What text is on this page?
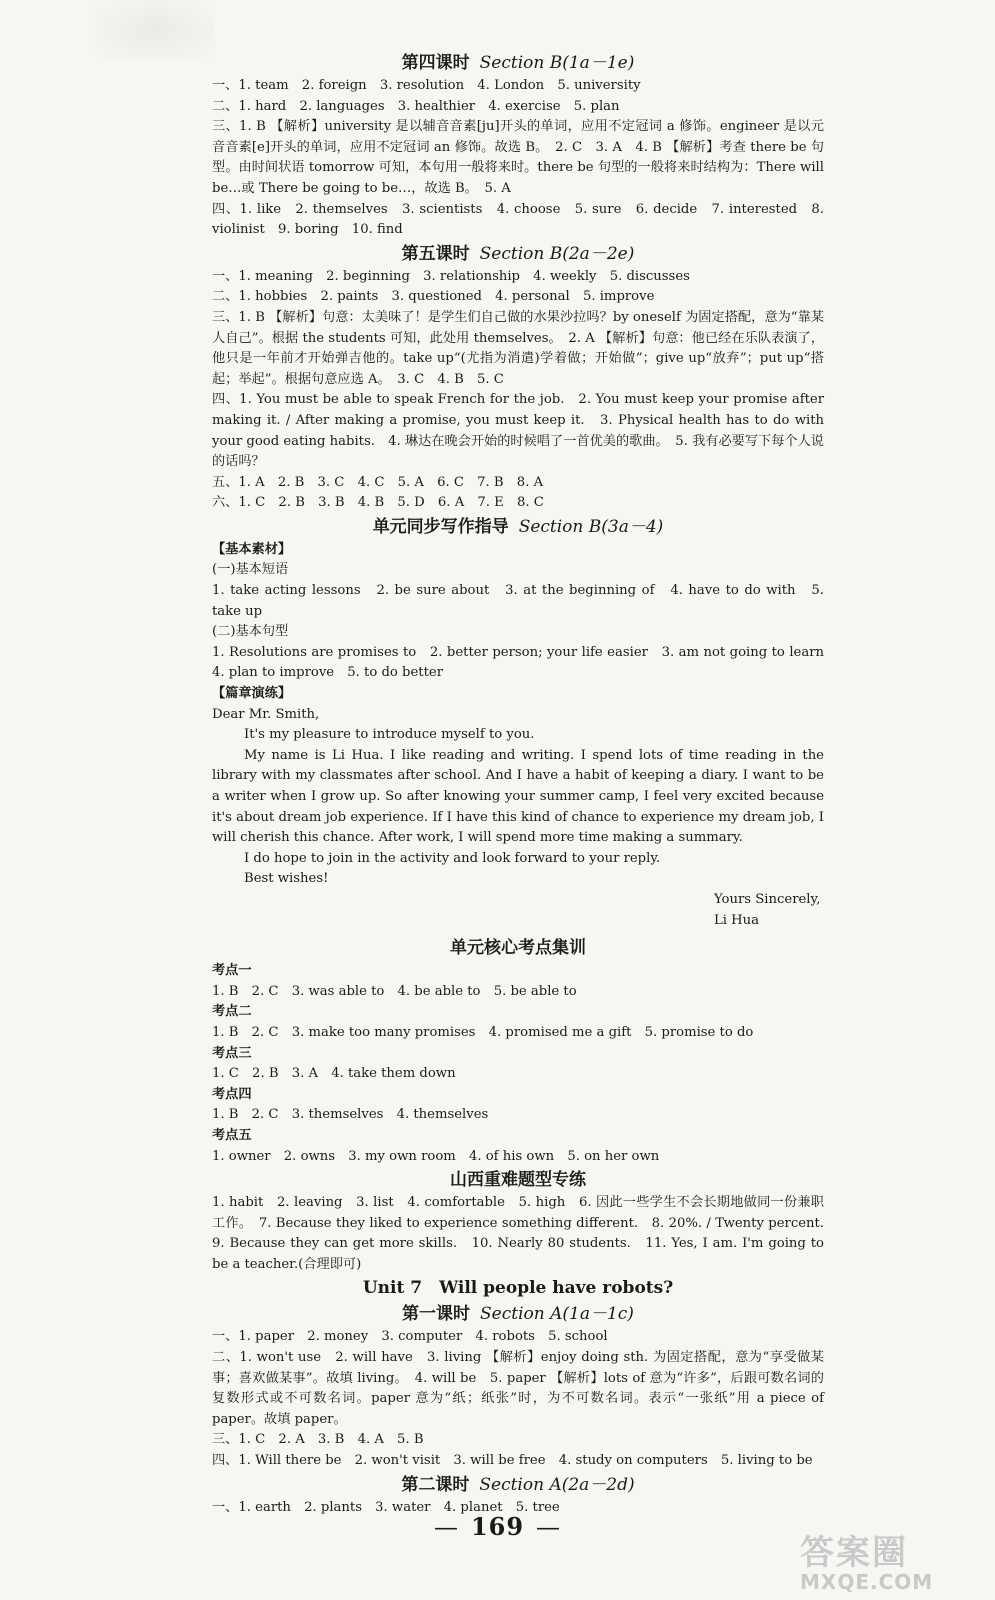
第四课时 Section B(1a－1e)

一、1. team　2. foreign　3. resolution　4. London　5. university

二、1. hard　2. languages　3. healthier　4. exercise　5. plan

三、1. B 【解析】university 是以辅音音素[ju]开头的单词，应用不定冠词 a 修饰。engineer 是以元音音素[e]开头的单词，应用不定冠词 an 修饰。故选 B。　2. C　3. A　4. B 【解析】考查 there be 句型。由时间状语 tomorrow 可知，本句用一般将来时。there be 句型的一般将来时结构为：There will be…或 There be going to be…，故选 B。　5. A

四、1. like　2. themselves　3. scientists　4. choose　5. sure　6. decide　7. interested　8. violinist　9. boring　10. find

第五课时 Section B(2a－2e)

一、1. meaning　2. beginning　3. relationship　4. weekly　5. discusses

二、1. hobbies　2. paints　3. questioned　4. personal　5. improve

三、1. B 【解析】句意：太美味了！是学生们自己做的水果沙拉吗？by oneself 为固定搭配，意为“靠某人自己”。根据 the students 可知，此处用 themselves。　2. A 【解析】句意：他已经在乐队表演了，他只是一年前才开始弹吉他的。take up“(尤指为消遣)学着做；开始做”；give up“放弃”；put up“搭起；举起”。根据句意应选 A。　3. C　4. B　5. C

四、1. You must be able to speak French for the job.　2. You must keep your promise after making it. / After making a promise, you must keep it.　3. Physical health has to do with your good eating habits.　4. 琳达在晚会开始的时候唱了一首优美的歌曲。　5. 我有必要写下每个人说的话吗？

五、1. A　2. B　3. C　4. C　5. A　6. C　7. B　8. A

六、1. C　2. B　3. B　4. B　5. D　6. A　7. E　8. C

单元同步写作指导 Section B(3a－4)

【基本素材】

(一)基本短语

1. take acting lessons　2. be sure about　3. at the beginning of　4. have to do with　5. take up

(二)基本句型

1. Resolutions are promises to　2. better person; your life easier　3. am not going to learn　4. plan to improve　5. to do better

【篇章演练】

Dear Mr. Smith,

It's my pleasure to introduce myself to you.

My name is Li Hua. I like reading and writing. I spend lots of time reading in the library with my classmates after school. And I have a habit of keeping a diary. I want to be a writer when I grow up. So after knowing your summer camp, I feel very excited because it's about dream job experience. If I have this kind of chance to experience my dream job, I will cherish this chance. After work, I will spend more time making a summary.

I do hope to join in the activity and look forward to your reply.

Best wishes!

Yours Sincerely,

Li Hua

单元核心考点集训

考点一

1. B　2. C　3. was able to　4. be able to　5. be able to

考点二

1. B　2. C　3. make too many promises　4. promised me a gift　5. promise to do

考点三

1. C　2. B　3. A　4. take them down

考点四

1. B　2. C　3. themselves　4. themselves

考点五

1. owner　2. owns　3. my own room　4. of his own　5. on her own

山西重难题型专练

1. habit　2. leaving　3. list　4. comfortable　5. high　6. 因此一些学生不会长期地做同一份兼职工作。　7. Because they liked to experience something different.　8. 20%. / Twenty percent.　9. Because they can get more skills.　10. Nearly 80 students.　11. Yes, I am. I'm going to be a teacher.(合理即可)

Unit 7　Will people have robots?
第一课时 Section A(1a－1c)

一、1. paper　2. money　3. computer　4. robots　5. school

二、1. won't use　2. will have　3. living 【解析】enjoy doing sth. 为固定搭配，意为“享受做某事；喜欢做某事”。故填 living。　4. will be　5. paper 【解析】lots of 意为“许多”，后跟可数名词的复数形式或不可数名词。paper 意为“纸；纸张”时，为不可数名词。表示“一张纸”用 a piece of paper。故填 paper。

三、1. C　2. A　3. B　4. A　5. B

四、1. Will there be　2. won't visit　3. will be free　4. study on computers　5. living to be

第二课时 Section A(2a－2d)

一、1. earth　2. plants　3. water　4. planet　5. tree

— 169 —
答案圈
MXQE.COM
